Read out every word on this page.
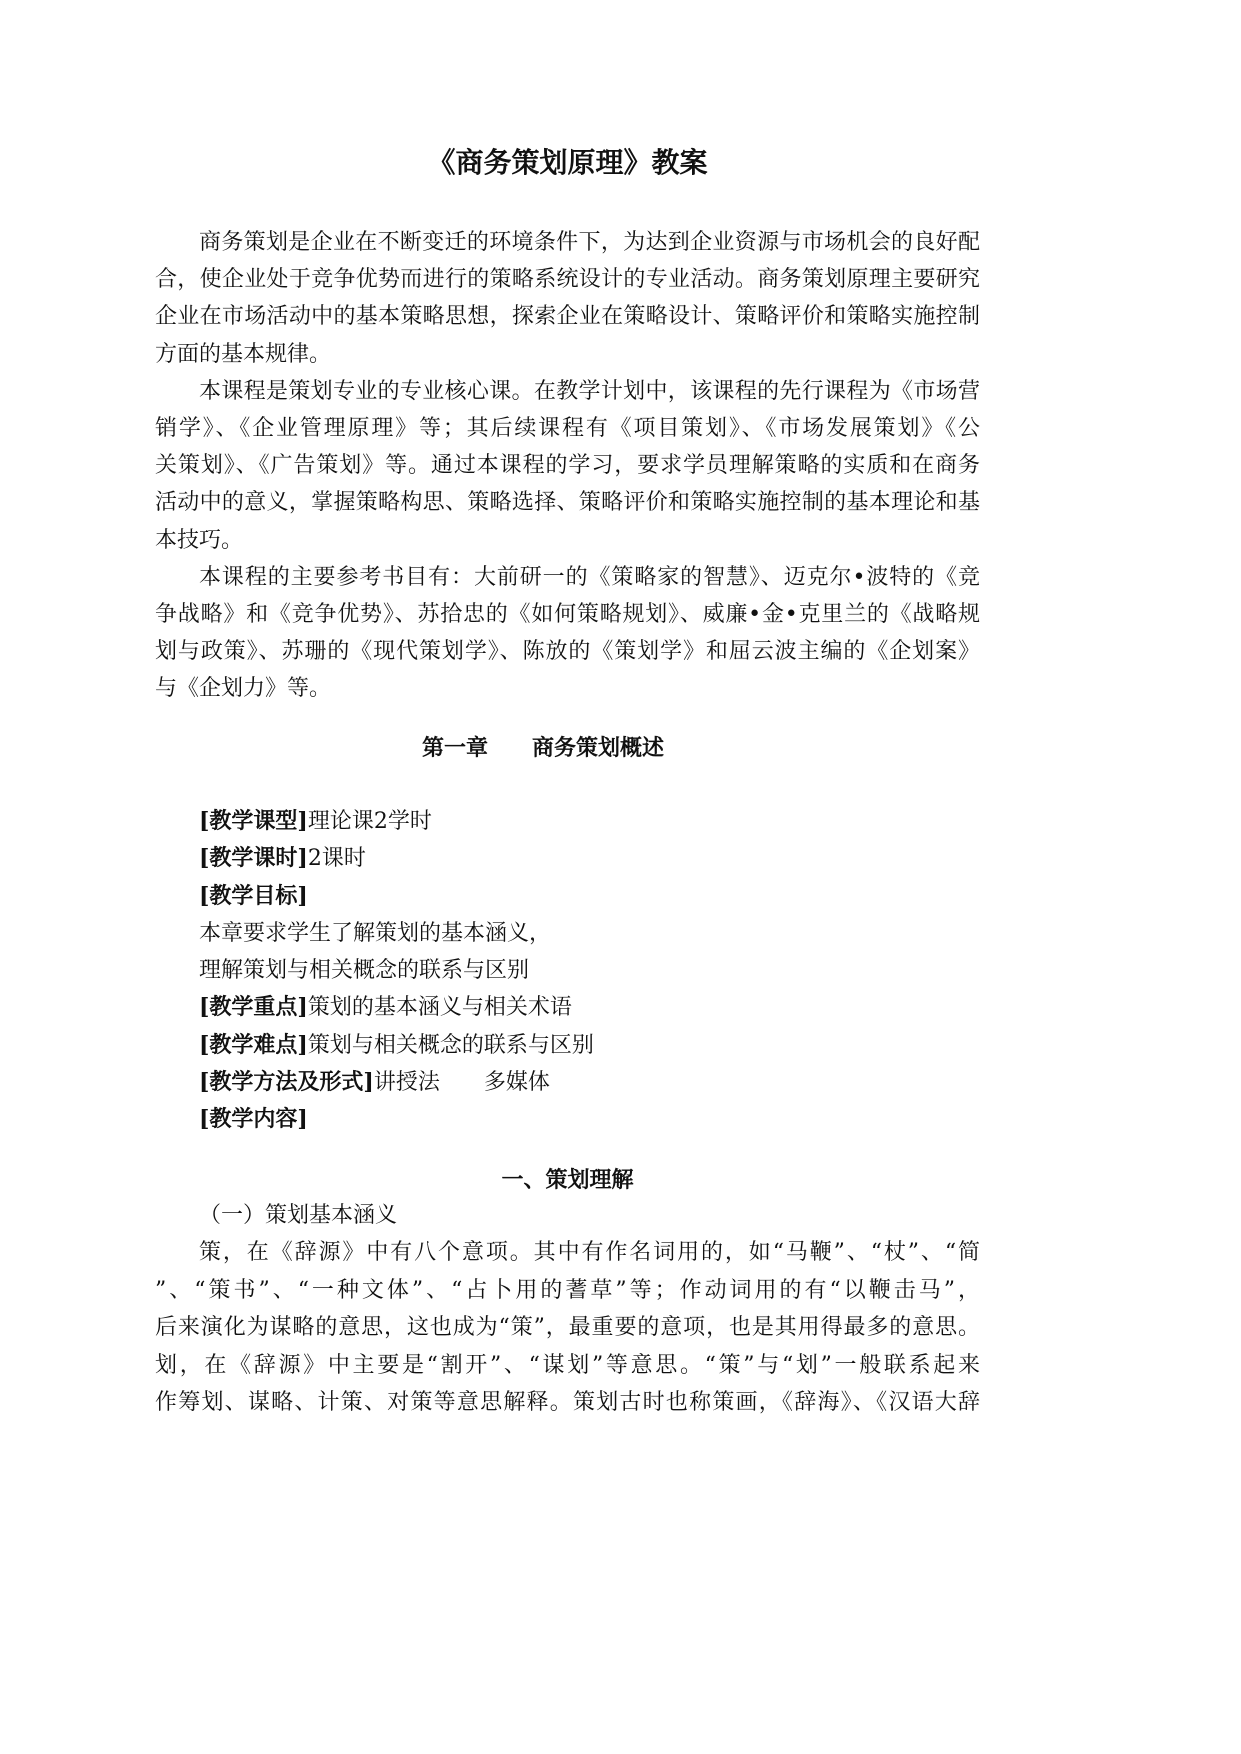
《商务策划原理》教案
商务策划是企业在不断变迁的环境条件下，为达到企业资源与市场机会的良好配
合，使企业处于竞争优势而进行的策略系统设计的专业活动。商务策划原理主要研究
企业在市场活动中的基本策略思想，探索企业在策略设计、策略评价和策略实施控制
方面的基本规律。
本课程是策划专业的专业核心课。在教学计划中，该课程的先行课程为《市场营
销学》、《企业管理原理》等；其后续课程有《项目策划》、《市场发展策划》《公
关策划》、《广告策划》等。通过本课程的学习，要求学员理解策略的实质和在商务
活动中的意义，掌握策略构思、策略选择、策略评价和策略实施控制的基本理论和基
本技巧。
本课程的主要参考书目有：大前研一的《策略家的智慧》、迈克尔•波特的《竞
争战略》和《竞争优势》、苏拾忠的《如何策略规划》、威廉•金•克里兰的《战略规
划与政策》、苏珊的《现代策划学》、陈放的《策划学》和屈云波主编的《企划案》
与《企划力》等。
第一章　　商务策划概述
[教学课型]理论课2学时
[教学课时]2课时
[教学目标]
本章要求学生了解策划的基本涵义，
理解策划与相关概念的联系与区别
[教学重点]策划的基本涵义与相关术语
[教学难点]策划与相关概念的联系与区别
[教学方法及形式]讲授法　　多媒体
[教学内容]
一、策划理解
（一）策划基本涵义
策，在《辞源》中有八个意项。其中有作名词用的，如“马鞭”、“杖”、“简
”、“策书”、“一种文体”、“占卜用的蓍草”等；作动词用的有“以鞭击马”，
后来演化为谋略的意思，这也成为“策”，最重要的意项，也是其用得最多的意思。
划，在《辞源》中主要是“割开”、“谋划”等意思。“策”与“划”一般联系起来
作筹划、谋略、计策、对策等意思解释。策划古时也称策画，《辞海》、《汉语大辞
